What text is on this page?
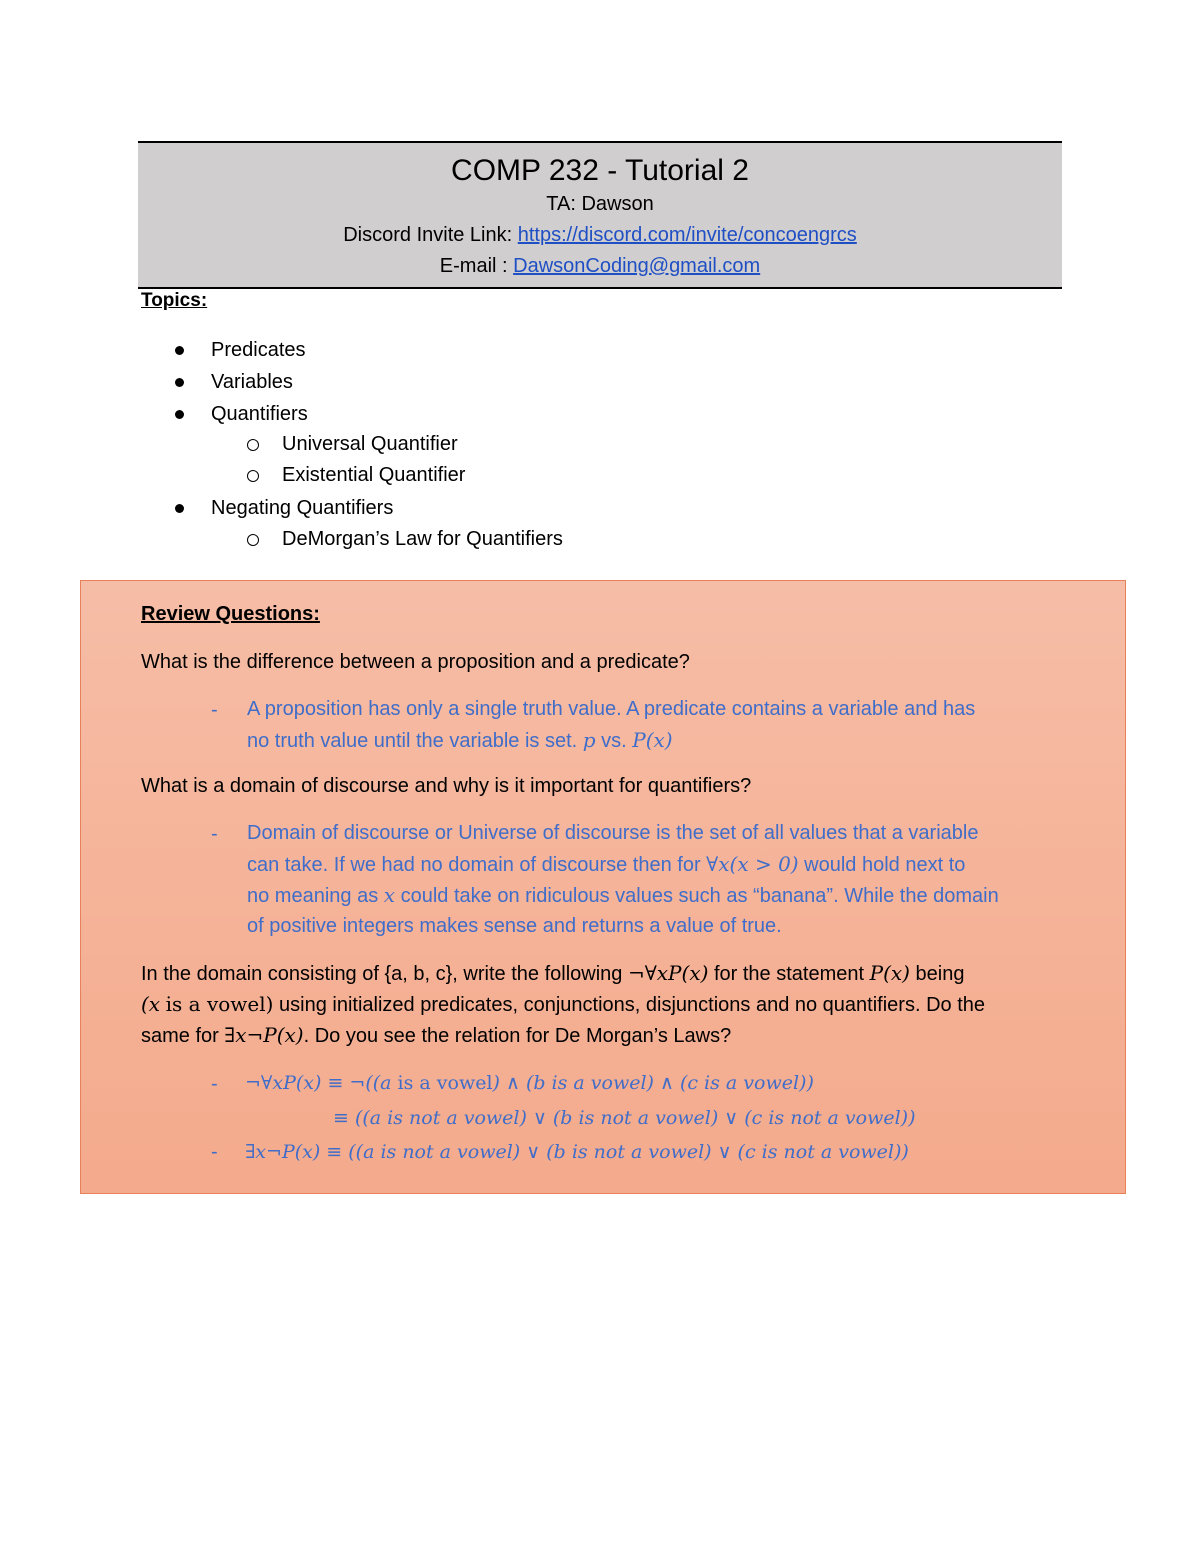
COMP 232 - Tutorial 2
TA: Dawson
Discord Invite Link: https://discord.com/invite/concoengrcs
E-mail : DawsonCoding@gmail.com
Topics:
Predicates
Variables
Quantifiers
Universal Quantifier
Existential Quantifier
Negating Quantifiers
DeMorgan’s Law for Quantifiers
Review Questions:
What is the difference between a proposition and a predicate?
- A proposition has only a single truth value. A predicate contains a variable and has
no truth value until the variable is set. p vs. P(x)
What is a domain of discourse and why is it important for quantifiers?
- Domain of discourse or Universe of discourse is the set of all values that a variable
can take. If we had no domain of discourse then for ∀x(x > 0) would hold next to
no meaning as x could take on ridiculous values such as “banana”. While the domain
of positive integers makes sense and returns a value of true.
In the domain consisting of {a, b, c}, write the following ¬∀xP(x) for the statement P(x) being
(x is a vowel) using initialized predicates, conjunctions, disjunctions and no quantifiers. Do the
same for ∃x¬P(x). Do you see the relation for De Morgan’s Laws?
- ¬∀xP(x) ≡ ¬((a is a vowel) ∧ (b is a vowel) ∧ (c is a vowel))
≡ ((a is not a vowel) ∨ (b is not a vowel) ∨ (c is not a vowel))
- ∃x¬P(x) ≡ ((a is not a vowel) ∨ (b is not a vowel) ∨ (c is not a vowel))
